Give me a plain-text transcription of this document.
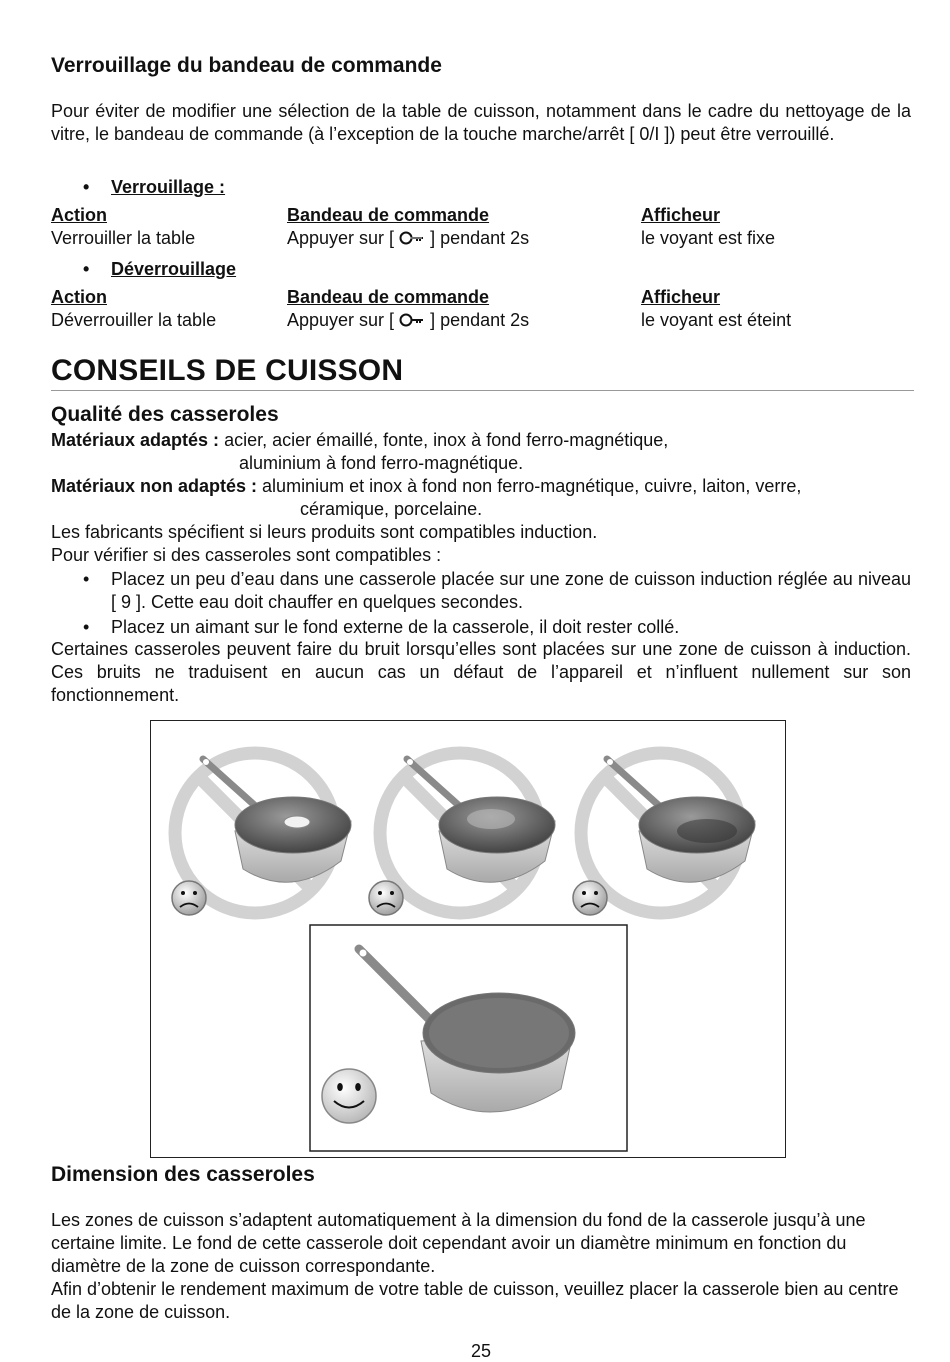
Verrouillage du bandeau de commande
Pour éviter de modifier une sélection de la table de cuisson, notamment dans le cadre du nettoyage de la vitre, le bandeau de commande (à l’exception de la touche marche/arrêt [ 0/I ]) peut être verrouillé.
• Verrouillage :
Action	Bandeau de commande	Afficheur
Verrouiller la table	Appuyer sur [  ] pendant 2s	le voyant est fixe
• Déverrouillage
Action	Bandeau de commande	Afficheur
Déverrouiller la table	Appuyer sur [  ] pendant 2s	le voyant est éteint
CONSEILS DE CUISSON
Qualité des casseroles
Matériaux adaptés : acier, acier émaillé, fonte, inox à fond ferro-magnétique,
aluminium à fond ferro-magnétique.
Matériaux non adaptés : aluminium et inox à fond non ferro-magnétique, cuivre, laiton, verre,
céramique, porcelaine.
Les fabricants spécifient si leurs produits sont compatibles induction.
Pour vérifier si des casseroles sont compatibles :
• Placez un peu d’eau dans une casserole placée sur une zone de cuisson induction réglée au niveau [ 9 ]. Cette eau doit chauffer en quelques secondes.
• Placez un aimant sur le fond externe de la casserole, il doit rester collé.
Certaines casseroles peuvent faire du bruit lorsqu’elles sont placées sur une zone de cuisson à induction. Ces bruits ne traduisent en aucun cas un défaut de l’appareil et n’influent nullement sur son fonctionnement.
Dimension des casseroles
Les zones de cuisson s’adaptent automatiquement à la dimension du fond de la casserole jusqu’à une certaine limite. Le fond de cette casserole doit cependant avoir un diamètre minimum en fonction du diamètre de la zone de cuisson correspondante.
Afin d’obtenir le rendement maximum de votre table de cuisson, veuillez placer la casserole bien au centre de la zone de cuisson.
25
